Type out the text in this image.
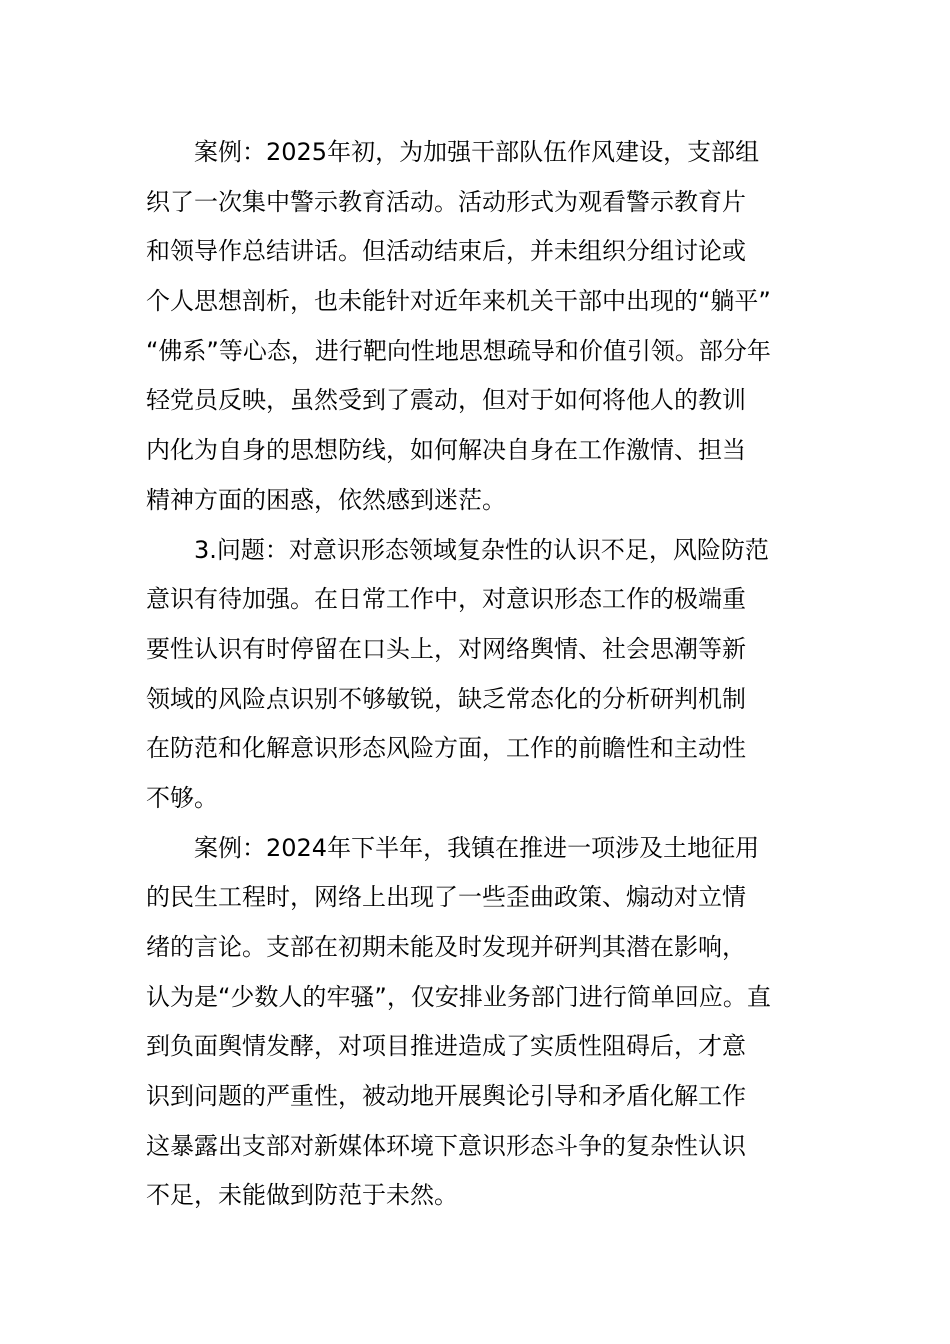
案例：2025年初，为加强干部队伍作风建设，支部组
织了一次集中警示教育活动。活动形式为观看警示教育片
和领导作总结讲话。但活动结束后，并未组织分组讨论或
个人思想剖析，也未能针对近年来机关干部中出现的“躺平”
“佛系”等心态，进行靶向性地思想疏导和价值引领。部分年
轻党员反映，虽然受到了震动，但对于如何将他人的教训
内化为自身的思想防线，如何解决自身在工作激情、担当
精神方面的困惑，依然感到迷茫。
3.问题：对意识形态领域复杂性的认识不足，风险防范
意识有待加强。在日常工作中，对意识形态工作的极端重
要性认识有时停留在口头上，对网络舆情、社会思潮等新
领域的风险点识别不够敏锐，缺乏常态化的分析研判机制
在防范和化解意识形态风险方面，工作的前瞻性和主动性
不够。
案例：2024年下半年，我镇在推进一项涉及土地征用
的民生工程时，网络上出现了一些歪曲政策、煽动对立情
绪的言论。支部在初期未能及时发现并研判其潜在影响，
认为是“少数人的牢骚”，仅安排业务部门进行简单回应。直
到负面舆情发酵，对项目推进造成了实质性阻碍后，才意
识到问题的严重性，被动地开展舆论引导和矛盾化解工作
这暴露出支部对新媒体环境下意识形态斗争的复杂性认识
不足，未能做到防范于未然。
